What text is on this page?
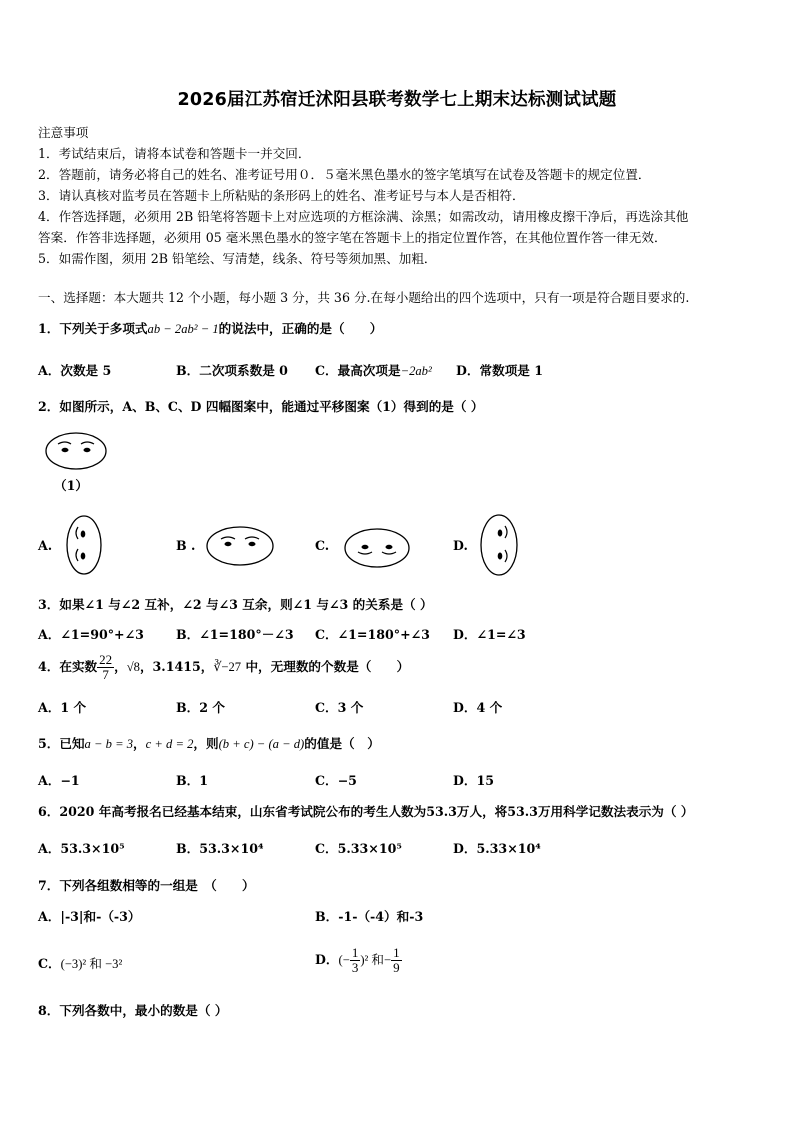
2026届江苏宿迁沭阳县联考数学七上期末达标测试试题
注意事项
1．考试结束后，请将本试卷和答题卡一并交回．
2．答题前，请务必将自己的姓名、准考证号用０．５毫米黑色墨水的签字笔填写在试卷及答题卡的规定位置．
3．请认真核对监考员在答题卡上所粘贴的条形码上的姓名、准考证号与本人是否相符．
4．作答选择题，必须用 2B 铅笔将答题卡上对应选项的方框涂满、涂黑；如需改动，请用橡皮擦干净后，再选涂其他
答案．作答非选择题，必须用 05 毫米黑色墨水的签字笔在答题卡上的指定位置作答，在其他位置作答一律无效．
5．如需作图，须用 2B 铅笔绘、写清楚，线条、符号等须加黑、加粗．
一、选择题：本大题共 12 个小题，每小题 3 分，共 36 分.在每小题给出的四个选项中，只有一项是符合题目要求的.
1．下列关于多项式ab − 2ab² − 1的说法中，正确的是（　　）
A．次数是 5	B．二次项系数是 0 C．最高次项是−2ab² D．常数项是 1
2．如图所示，A、B、C、D 四幅图案中，能通过平移图案（1）得到的是（ ）
（1）
A.	B .	C.	D.
3．如果∠1 与∠2 互补，∠2 与∠3 互余，则∠1 与∠3 的关系是（ ）
A．∠1=90°+∠3	B．∠1=180°－∠3 C．∠1=180°+∠3 D．∠1=∠3
4．在实数 $\frac{22}{7}$ ，√8，3.1415，∛−27 中，无理数的个数是（　　）
A．1 个	B．2 个	C．3 个	D．4 个
5．已知a − b = 3，c + d = 2，则(b + c) − (a − d)的值是（　）
A．−1	B．1	C．−5	D．15
6．2020 年高考报名已经基本结束，山东省考试院公布的考生人数为53.3万人，将53.3万用科学记数法表示为（ ）
A．53.3×10⁵	B．53.3×10⁴	C．5.33×10⁵	D．5.33×10⁴
7．下列各组数相等的一组是　（　　）
A．|-3|和-（-3）	B．-1-（-4）和-3
C．(−3)² 和 −3²	D．(− $\frac{1}{3} )^2$ 和− $\frac{1}{9}$
8．下列各数中，最小的数是（ ）
